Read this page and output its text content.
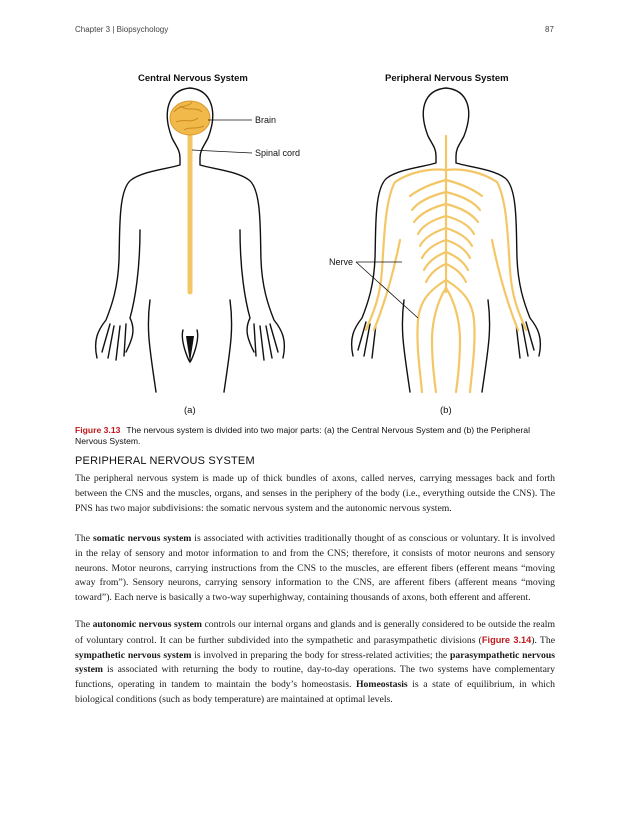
Chapter 3 | Biopsychology	87
Central Nervous System	Peripheral Nervous System
Brain
Spinal cord
Nerve
(a)	(b)
Figure 3.13 The nervous system is divided into two major parts: (a) the Central Nervous System and (b) the Peripheral Nervous System.
PERIPHERAL NERVOUS SYSTEM

The peripheral nervous system is made up of thick bundles of axons, called nerves, carrying messages back and forth between the CNS and the muscles, organs, and senses in the periphery of the body (i.e., everything outside the CNS). The PNS has two major subdivisions: the somatic nervous system and the autonomic nervous system.

The somatic nervous system is associated with activities traditionally thought of as conscious or voluntary. It is involved in the relay of sensory and motor information to and from the CNS; therefore, it consists of motor neurons and sensory neurons. Motor neurons, carrying instructions from the CNS to the muscles, are efferent fibers (efferent means “moving away from”). Sensory neurons, carrying sensory information to the CNS, are afferent fibers (afferent means “moving toward”). Each nerve is basically a two-way superhighway, containing thousands of axons, both efferent and afferent.

The autonomic nervous system controls our internal organs and glands and is generally considered to be outside the realm of voluntary control. It can be further subdivided into the sympathetic and parasympathetic divisions (Figure 3.14). The sympathetic nervous system is involved in preparing the body for stress-related activities; the parasympathetic nervous system is associated with returning the body to routine, day-to-day operations. The two systems have complementary functions, operating in tandem to maintain the body’s homeostasis. Homeostasis is a state of equilibrium, in which biological conditions (such as body temperature) are maintained at optimal levels.
